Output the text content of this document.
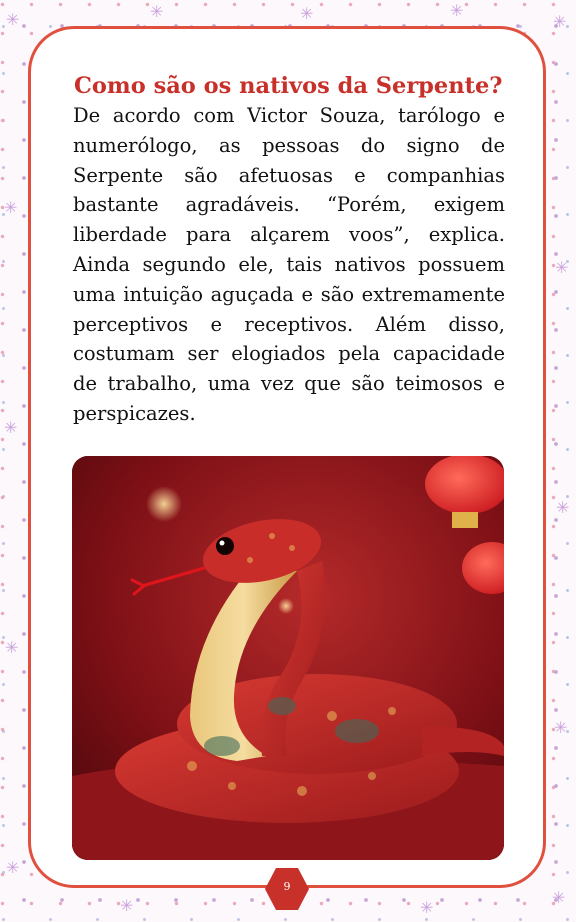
✳	✳	✳	✳
✳
✳
✳
✳
✳
✳
✳
✳
✳	✳
✳
Como são os nativos da Serpente?

De acordo com Victor Souza, tarólogo e numerólogo, as pessoas do signo de Serpente são afetuosas e companhias bastante agradáveis. “Porém, exigem liberdade para alçarem voos”, explica. Ainda segundo ele, tais nativos possuem uma intuição aguçada e são extremamente perceptivos e receptivos. Além disso, costumam ser elogiados pela capacidade de trabalho, uma vez que são teimosos e perspicazes.

9
